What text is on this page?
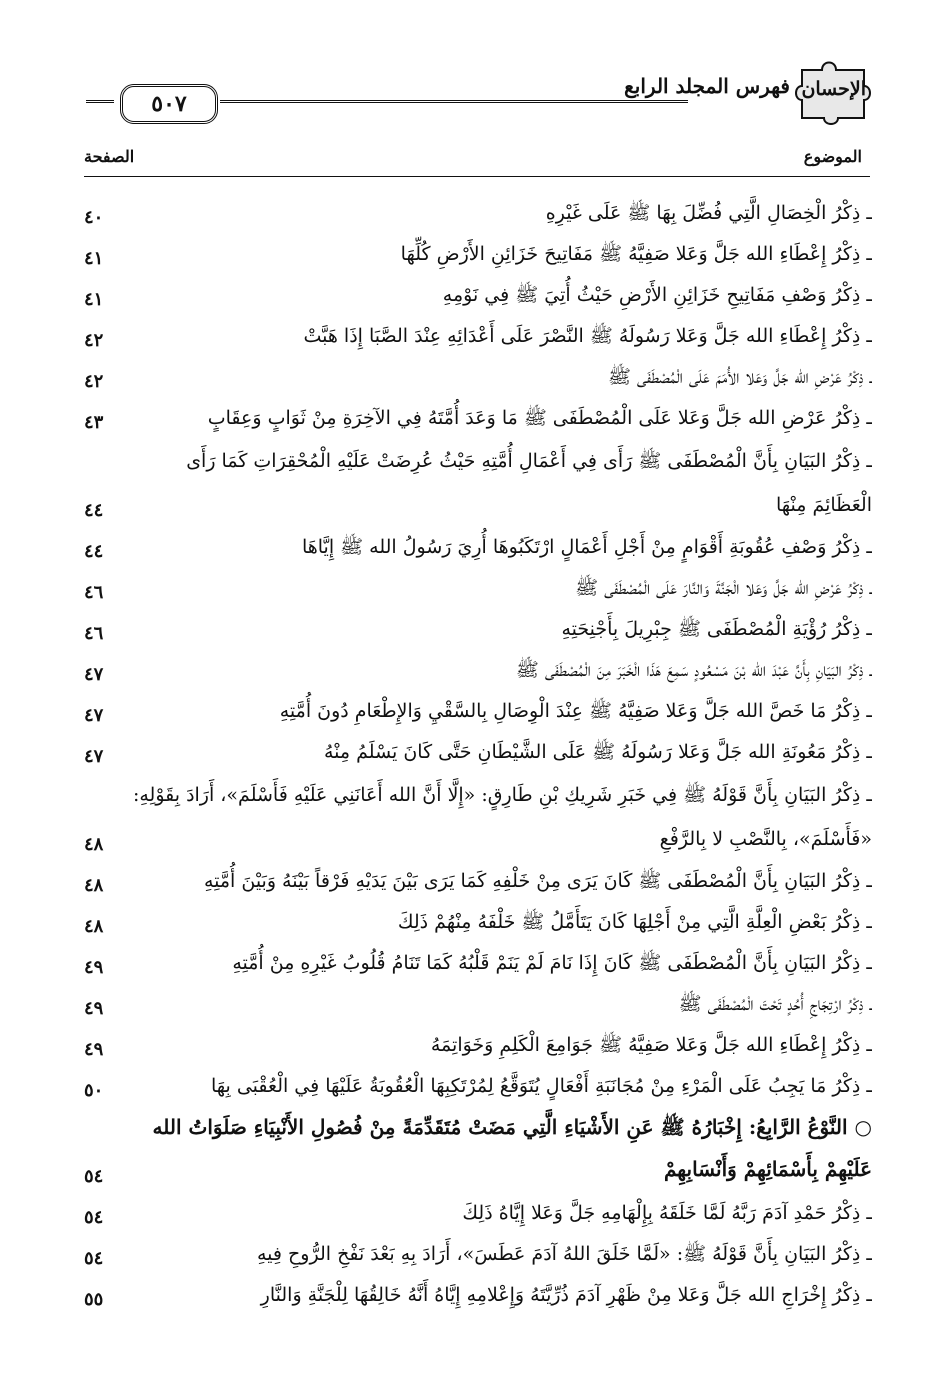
٥٠٧
فهرس المجلد الرابع الإحسان
الموضوع
الصفحة
ـ ذِكْرُ الْخِصَالِ الَّتِي فُضِّلَ بِهَا ﷺ عَلَى غَيْرِهِ
٤٠
ـ ذِكْرُ إِعْطَاءِ الله جَلَّ وَعَلا صَفِيَّهُ ﷺ مَفَاتِيحَ خَزَائِنِ الأَرْضِ كُلِّهَا
٤١
ـ ذِكْرُ وَصْفِ مَفَاتِيحِ خَزَائِنِ الأَرْضِ حَيْثُ أُتِيَ ﷺ فِي نَوْمِهِ
٤١
ـ ذِكْرُ إِعْطَاءِ الله جَلَّ وَعَلا رَسُولَهُ ﷺ النَّصْرَ عَلَى أَعْدَائِهِ عِنْدَ الصَّبَا إِذَا هَبَّتْ
٤٢
ـ ذِكْرُ عَرْضِ الله جَلَّ وَعَلا الأُمَمَ عَلَى الْمُصْطَفَى ﷺ
٤٢
ـ ذِكْرُ عَرْضِ الله جَلَّ وَعَلا عَلَى الْمُصْطَفَى ﷺ مَا وَعَدَ أُمَّتَهُ فِي الآخِرَةِ مِنْ ثَوَابٍ وَعِقَابٍ
٤٣
ـ ذِكْرُ البَيَانِ بِأَنَّ الْمُصْطَفَى ﷺ رَأَى فِي أَعْمَالِ أُمَّتِهِ حَيْثُ عُرِضَتْ عَلَيْهِ الْمُحْقِرَاتِ كَمَا رَأَى الْعَظَائِمَ مِنْهَا
٤٤
ـ ذِكْرُ وَصْفِ عُقُوبَةِ أَقْوَامٍ مِنْ أَجْلِ أَعْمَالٍ ارْتَكَبُوهَا أُرِيَ رَسُولُ الله ﷺ إِيَّاهَا
٤٤
ـ ذِكْرُ عَرْضِ الله جَلَّ وَعَلا الْجَنَّةَ وَالنَّارَ عَلَى الْمُصْطَفَى ﷺ
٤٦
ـ ذِكْرُ رُؤْيَةِ الْمُصْطَفَى ﷺ جِبْرِيلَ بِأَجْنِحَتِهِ
٤٦
ـ ذِكْرُ البَيَانِ بِأَنَّ عَبْدَ الله بْنَ مَسْعُودٍ سَمِعَ هَذَا الْخَبَرَ مِنَ الْمُصْطَفَى ﷺ
٤٧
ـ ذِكْرُ مَا خَصَّ الله جَلَّ وَعَلا صَفِيَّهُ ﷺ عِنْدَ الْوِصَالِ بِالسَّقْيِ وَالإِطْعَامِ دُونَ أُمَّتِهِ
٤٧
ـ ذِكْرُ مَعُونَةِ الله جَلَّ وَعَلا رَسُولَهُ ﷺ عَلَى الشَّيْطَانِ حَتَّى كَانَ يَسْلَمُ مِنْهُ
٤٧
ـ ذِكْرُ البَيَانِ بِأَنَّ قَوْلَهُ ﷺ فِي خَبَرِ شَرِيكِ بْنِ طَارِقٍ: «إِلَّا أَنَّ الله أَعَانَنِي عَلَيْهِ فَأَسْلَمَ»، أَرَادَ بِقَوْلِهِ: «فَأَسْلَمَ»، بِالنَّصْبِ لا بِالرَّفْعِ
٤٨
ـ ذِكْرُ البَيَانِ بِأَنَّ الْمُصْطَفَى ﷺ كَانَ يَرَى مِنْ خَلْفِهِ كَمَا يَرَى بَيْنَ يَدَيْهِ فَرْقاً بَيْنَهُ وَبَيْنَ أُمَّتِهِ
٤٨
ـ ذِكْرُ بَعْضِ الْعِلَّةِ الَّتِي مِنْ أَجْلِهَا كَانَ يَتَأَمَّلُ ﷺ خَلْفَهُ مِنْهُمْ ذَلِكَ
٤٨
ـ ذِكْرُ البَيَانِ بِأَنَّ الْمُصْطَفَى ﷺ كَانَ إِذَا نَامَ لَمْ يَنَمْ قَلْبُهُ كَمَا تَنَامُ قُلُوبُ غَيْرِهِ مِنْ أُمَّتِهِ
٤٩
ـ ذِكْرُ ارْتِجَاجِ أُحُدٍ تَحْتَ الْمُصْطَفَى ﷺ
٤٩
ـ ذِكْرُ إِعْطَاءِ الله جَلَّ وَعَلا صَفِيَّهُ ﷺ جَوَامِعَ الْكَلِمِ وَخَوَاتِمَهُ
٤٩
ـ ذِكْرُ مَا يَجِبُ عَلَى الْمَرْءِ مِنْ مُجَانَبَةِ أَفْعَالٍ يُتَوَقَّعُ لِمُرْتَكِبِهَا الْعُقُوبَةُ عَلَيْهَا فِي الْعُقْبَى بِهَا
٥٠
○ النَّوْعُ الرَّابِعُ: إِخْبَارُهُ ﷺ عَنِ الأَشْيَاءِ الَّتِي مَضَتْ مُتَقَدِّمَةً مِنْ فُصُولِ الأَنْبِيَاءِ صَلَوَاتُ الله
عَلَيْهِمْ بِأَسْمَائِهِمْ وَأَنْسَابِهِمْ
٥٤
ـ ذِكْرُ حَمْدِ آدَمَ رَبَّهُ لَمَّا خَلَقَهُ بِإِلْهَامِهِ جَلَّ وَعَلا إِيَّاهُ ذَلِكَ
٥٤
ـ ذِكْرُ البَيَانِ بِأَنَّ قَوْلَهُ ﷺ: «لَمَّا خَلَقَ اللهُ آدَمَ عَطَسَ»، أَرَادَ بِهِ بَعْدَ نَفْخِ الرُّوحِ فِيهِ
٥٤
ـ ذِكْرُ إِخْرَاجِ الله جَلَّ وَعَلا مِنْ ظَهْرِ آدَمَ ذُرِّيَّتَهُ وَإِعْلامِهِ إِيَّاهُ أَنَّهُ خَالِقُهَا لِلْجَنَّةِ وَالنَّارِ
٥٥
